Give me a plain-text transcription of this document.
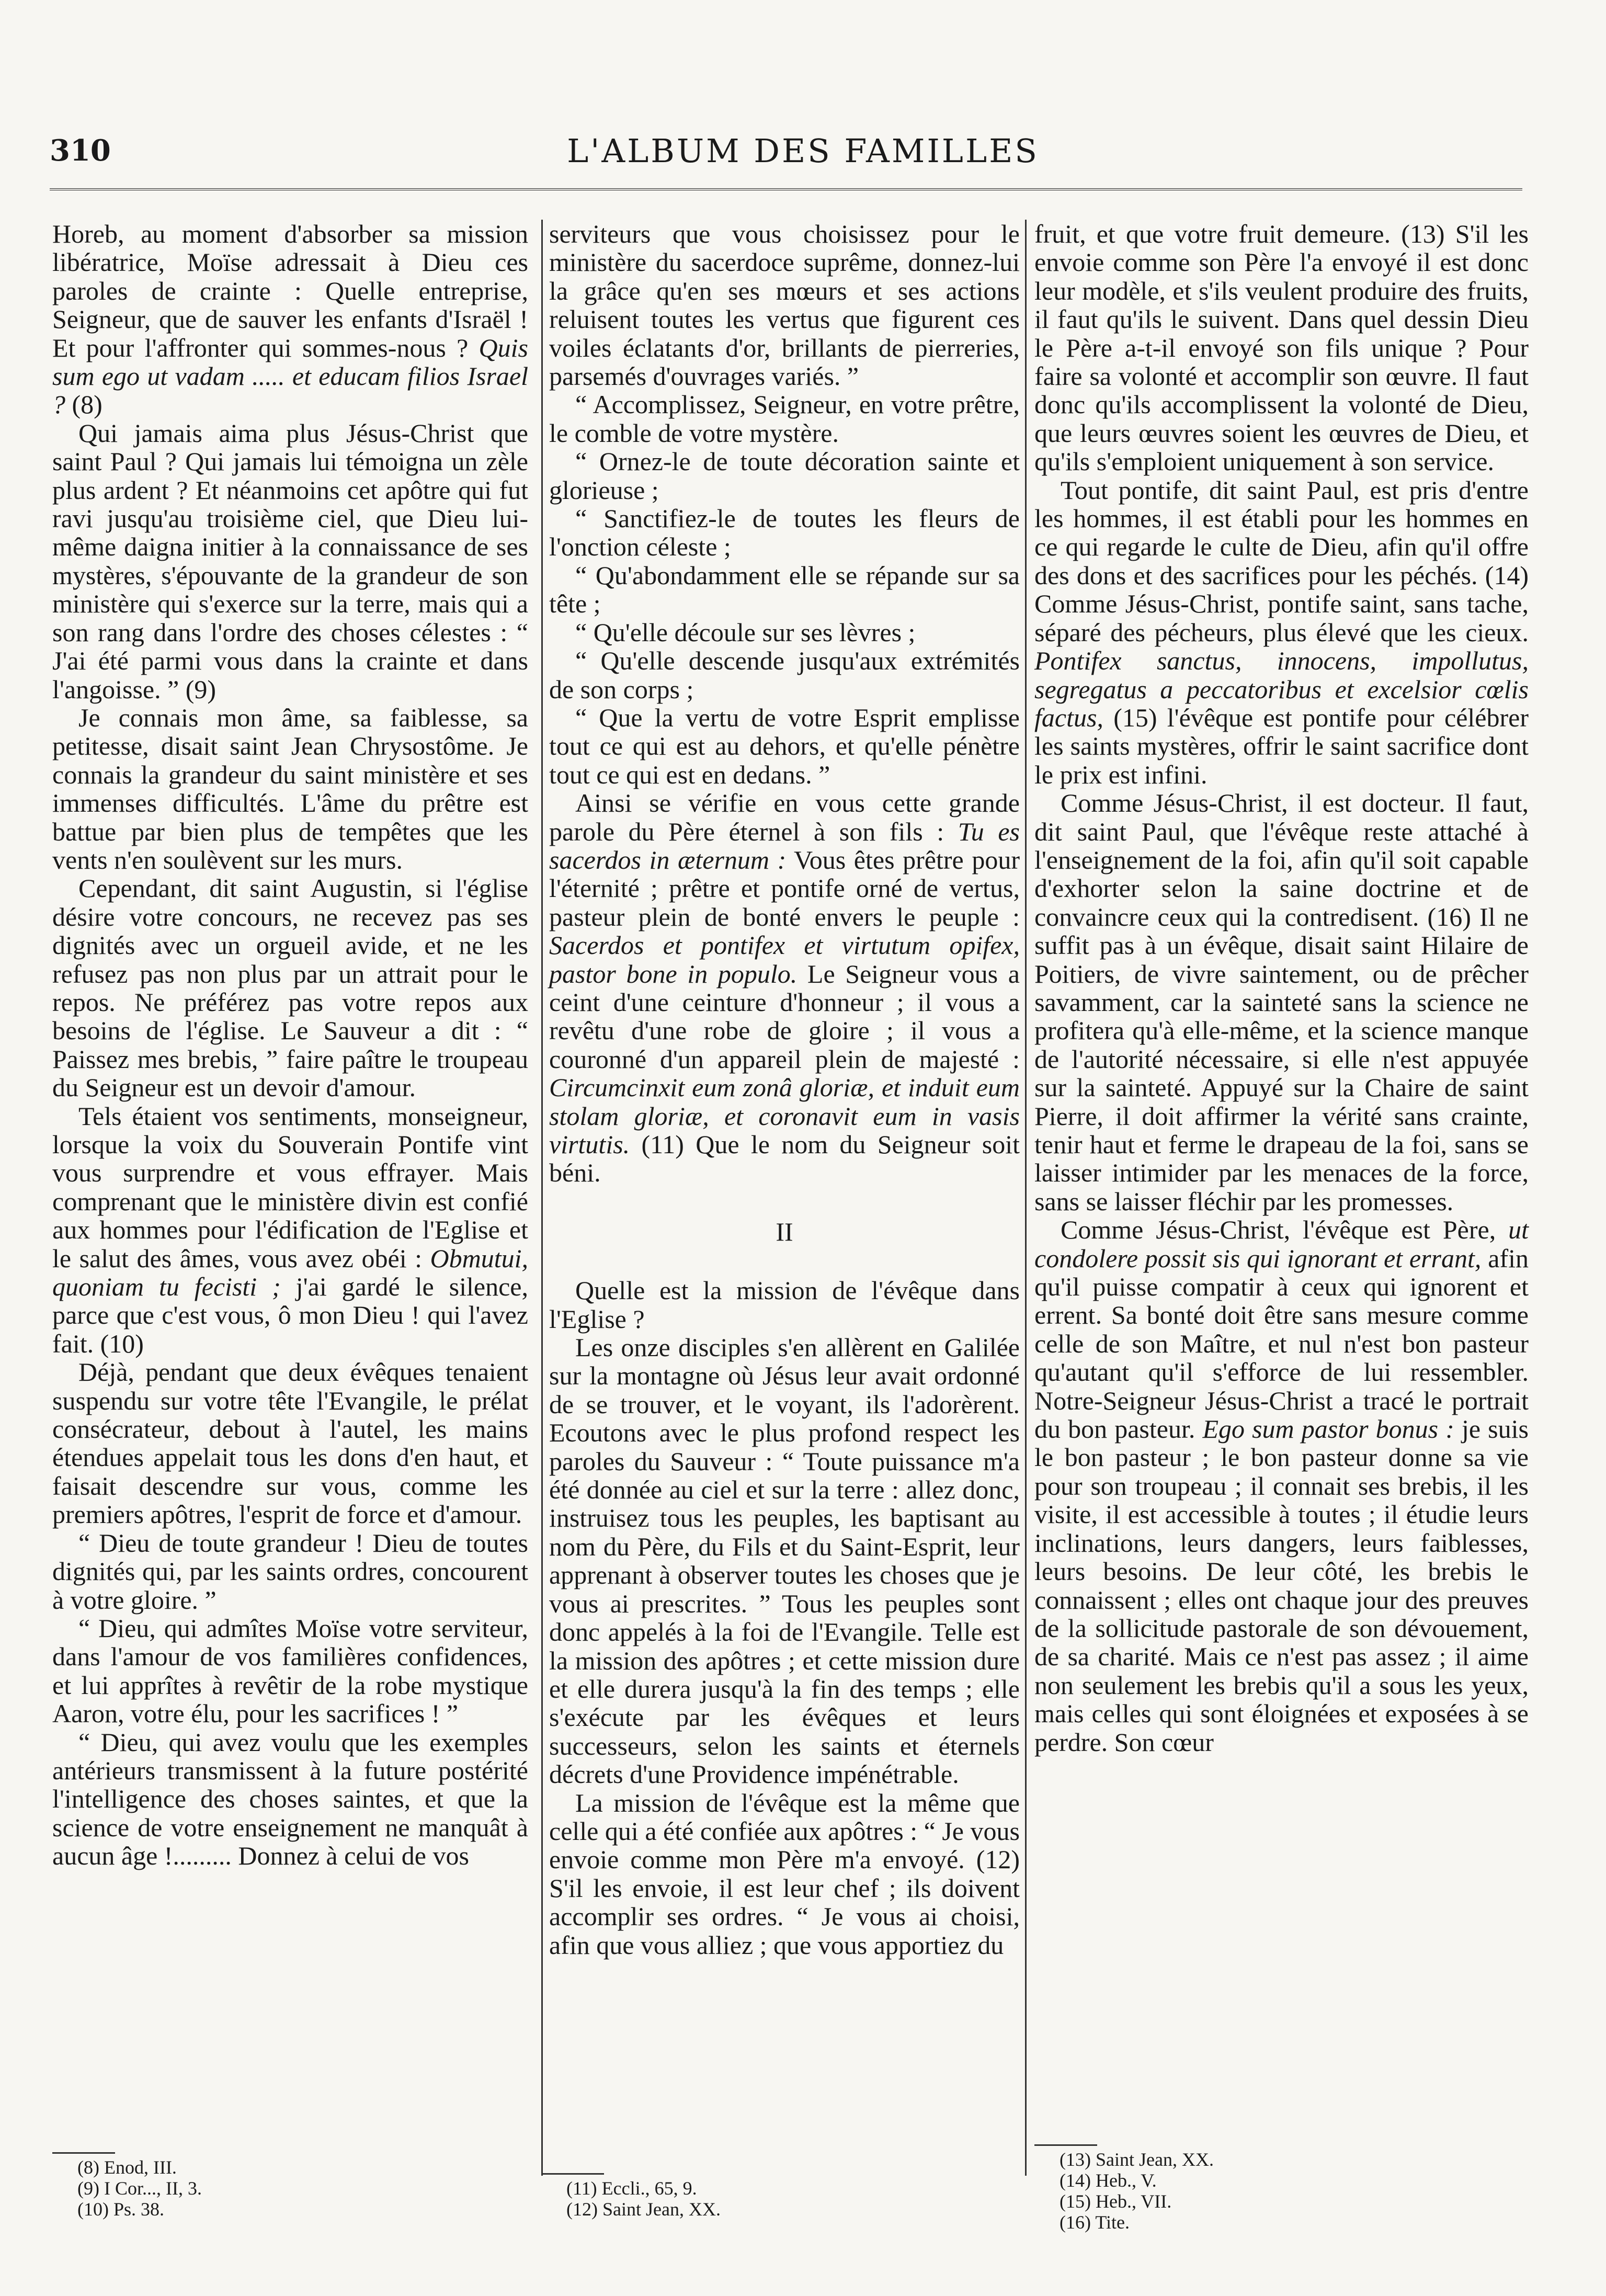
310	L'ALBUM DES FAMILLES

Horeb, au moment d'absorber sa mission libératrice, Moïse adressait à Dieu ces paroles de crainte : Quelle entreprise, Seigneur, que de sauver les enfants d'Israël ! Et pour l'affronter qui sommes-nous ? Quis sum ego ut vadam ..... et educam filios Israel ? (8)

Qui jamais aima plus Jésus-Christ que saint Paul ? Qui jamais lui témoigna un zèle plus ardent ? Et néanmoins cet apôtre qui fut ravi jusqu'au troisième ciel, que Dieu lui-même daigna initier à la connaissance de ses mystères, s'épouvante de la grandeur de son ministère qui s'exerce sur la terre, mais qui a son rang dans l'ordre des choses célestes : “ J'ai été parmi vous dans la crainte et dans l'angoisse. ” (9)

Je connais mon âme, sa faiblesse, sa petitesse, disait saint Jean Chrysostôme. Je connais la grandeur du saint ministère et ses immenses difficultés. L'âme du prêtre est battue par bien plus de tempêtes que les vents n'en soulèvent sur les murs.

Cependant, dit saint Augustin, si l'église désire votre concours, ne recevez pas ses dignités avec un orgueil avide, et ne les refusez pas non plus par un attrait pour le repos. Ne préférez pas votre repos aux besoins de l'église. Le Sauveur a dit : “ Paissez mes brebis, ” faire paître le troupeau du Seigneur est un devoir d'amour.

Tels étaient vos sentiments, monseigneur, lorsque la voix du Souverain Pontife vint vous surprendre et vous effrayer. Mais comprenant que le ministère divin est confié aux hommes pour l'édification de l'Eglise et le salut des âmes, vous avez obéi : Obmutui, quoniam tu fecisti ; j'ai gardé le silence, parce que c'est vous, ô mon Dieu ! qui l'avez fait. (10)

Déjà, pendant que deux évêques tenaient suspendu sur votre tête l'Evangile, le prélat consécrateur, debout à l'autel, les mains étendues appelait tous les dons d'en haut, et faisait descendre sur vous, comme les premiers apôtres, l'esprit de force et d'amour.

“ Dieu de toute grandeur ! Dieu de toutes dignités qui, par les saints ordres, concourent à votre gloire. ”

“ Dieu, qui admîtes Moïse votre serviteur, dans l'amour de vos familières confidences, et lui apprîtes à revêtir de la robe mystique Aaron, votre élu, pour les sacrifices ! ”

“ Dieu, qui avez voulu que les exemples antérieurs transmissent à la future postérité l'intelligence des choses saintes, et que la science de votre enseignement ne manquât à aucun âge !......... Donnez à celui de vos

serviteurs que vous choisissez pour le ministère du sacerdoce suprême, donnez-lui la grâce qu'en ses mœurs et ses actions reluisent toutes les vertus que figurent ces voiles éclatants d'or, brillants de pierreries, parsemés d'ouvrages variés. ”

“ Accomplissez, Seigneur, en votre prêtre, le comble de votre mystère.

“ Ornez-le de toute décoration sainte et glorieuse ;

“ Sanctifiez-le de toutes les fleurs de l'onction céleste ;

“ Qu'abondamment elle se répande sur sa tête ;

“ Qu'elle découle sur ses lèvres ;

“ Qu'elle descende jusqu'aux extrémités de son corps ;

“ Que la vertu de votre Esprit emplisse tout ce qui est au dehors, et qu'elle pénètre tout ce qui est en dedans. ”

Ainsi se vérifie en vous cette grande parole du Père éternel à son fils : Tu es sacerdos in æternum : Vous êtes prêtre pour l'éternité ; prêtre et pontife orné de vertus, pasteur plein de bonté envers le peuple : Sacerdos et pontifex et virtutum opifex, pastor bone in populo. Le Seigneur vous a ceint d'une ceinture d'honneur ; il vous a revêtu d'une robe de gloire ; il vous a couronné d'un appareil plein de majesté : Circumcinxit eum zonâ gloriæ, et induit eum stolam gloriæ, et coronavit eum in vasis virtutis. (11) Que le nom du Seigneur soit béni.

II

Quelle est la mission de l'évêque dans l'Eglise ?

Les onze disciples s'en allèrent en Galilée sur la montagne où Jésus leur avait ordonné de se trouver, et le voyant, ils l'adorèrent. Ecoutons avec le plus profond respect les paroles du Sauveur : “ Toute puissance m'a été donnée au ciel et sur la terre : allez donc, instruisez tous les peuples, les baptisant au nom du Père, du Fils et du Saint-Esprit, leur apprenant à observer toutes les choses que je vous ai prescrites. ” Tous les peuples sont donc appelés à la foi de l'Evangile. Telle est la mission des apôtres ; et cette mission dure et elle durera jusqu'à la fin des temps ; elle s'exécute par les évêques et leurs successeurs, selon les saints et éternels décrets d'une Providence impénétrable.

La mission de l'évêque est la même que celle qui a été confiée aux apôtres : “ Je vous envoie comme mon Père m'a envoyé. (12) S'il les envoie, il est leur chef ; ils doivent accomplir ses ordres. “ Je vous ai choisi, afin que vous alliez ; que vous apportiez du

fruit, et que votre fruit demeure. (13) S'il les envoie comme son Père l'a envoyé il est donc leur modèle, et s'ils veulent produire des fruits, il faut qu'ils le suivent. Dans quel dessin Dieu le Père a-t-il envoyé son fils unique ? Pour faire sa volonté et accomplir son œuvre. Il faut donc qu'ils accomplissent la volonté de Dieu, que leurs œuvres soient les œuvres de Dieu, et qu'ils s'emploient uniquement à son service.

Tout pontife, dit saint Paul, est pris d'entre les hommes, il est établi pour les hommes en ce qui regarde le culte de Dieu, afin qu'il offre des dons et des sacrifices pour les péchés. (14) Comme Jésus-Christ, pontife saint, sans tache, séparé des pécheurs, plus élevé que les cieux. Pontifex sanctus, innocens, impollutus, segregatus a peccatoribus et excelsior cœlis factus, (15) l'évêque est pontife pour célébrer les saints mystères, offrir le saint sacrifice dont le prix est infini.

Comme Jésus-Christ, il est docteur. Il faut, dit saint Paul, que l'évêque reste attaché à l'enseignement de la foi, afin qu'il soit capable d'exhorter selon la saine doctrine et de convaincre ceux qui la contredisent. (16) Il ne suffit pas à un évêque, disait saint Hilaire de Poitiers, de vivre saintement, ou de prêcher savamment, car la sainteté sans la science ne profitera qu'à elle-même, et la science manque de l'autorité nécessaire, si elle n'est appuyée sur la sainteté. Appuyé sur la Chaire de saint Pierre, il doit affirmer la vérité sans crainte, tenir haut et ferme le drapeau de la foi, sans se laisser intimider par les menaces de la force, sans se laisser fléchir par les promesses.

Comme Jésus-Christ, l'évêque est Père, ut condolere possit sis qui ignorant et errant, afin qu'il puisse compatir à ceux qui ignorent et errent. Sa bonté doit être sans mesure comme celle de son Maître, et nul n'est bon pasteur qu'autant qu'il s'efforce de lui ressembler. Notre-Seigneur Jésus-Christ a tracé le portrait du bon pasteur. Ego sum pastor bonus : je suis le bon pasteur ; le bon pasteur donne sa vie pour son troupeau ; il connait ses brebis, il les visite, il est accessible à toutes ; il étudie leurs inclinations, leurs dangers, leurs faiblesses, leurs besoins. De leur côté, les brebis le connaissent ; elles ont chaque jour des preuves de la sollicitude pastorale de son dévouement, de sa charité. Mais ce n'est pas assez ; il aime non seulement les brebis qu'il a sous les yeux, mais celles qui sont éloignées et exposées à se perdre. Son cœur

(8) Enod, III.
(9) I Cor..., II, 3.
(10) Ps. 38.
(11) Eccli., 65, 9.
(12) Saint Jean, XX.
(13) Saint Jean, XX.
(14) Heb., V.
(15) Heb., VII.
(16) Tite.
